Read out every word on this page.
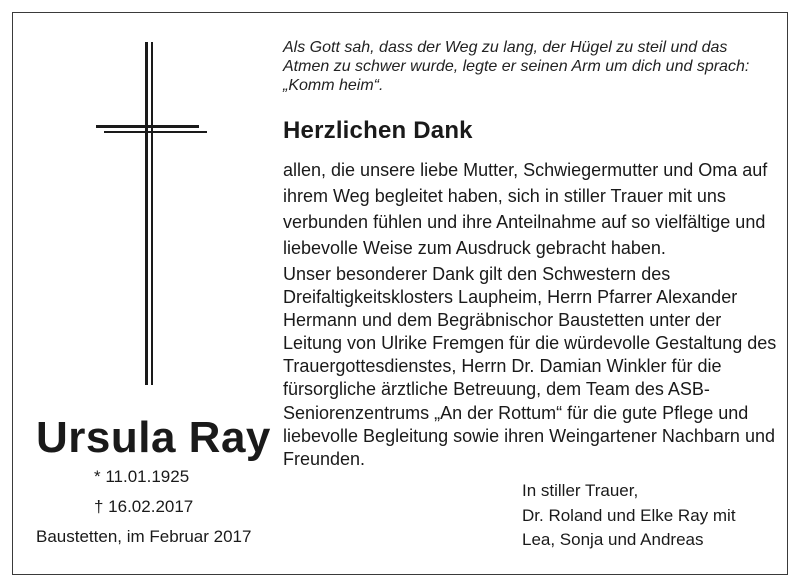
Als Gott sah, dass der Weg zu lang, der Hügel zu steil und das Atmen zu schwer wurde, legte er seinen Arm um dich und sprach: „Komm heim“.
Herzlichen Dank
allen, die unsere liebe Mutter, Schwiegermutter und Oma auf ihrem Weg begleitet haben, sich in stiller Trauer mit uns verbunden fühlen und ihre Anteilnahme auf so vielfältige und liebevolle Weise zum Ausdruck gebracht haben.
Unser besonderer Dank gilt den Schwestern des Dreifaltigkeitsklosters Laupheim, Herrn Pfarrer Alexander Hermann und dem Begräbnischor Baustetten unter der Leitung von Ulrike Fremgen für die würdevolle Gestaltung des Trauergottesdienstes, Herrn Dr. Damian Winkler für die fürsorgliche ärztliche Betreuung, dem Team des ASB-Seniorenzentrums „An der Rottum“ für die gute Pflege und liebevolle Begleitung sowie ihren Weingartener Nachbarn und Freunden.
Ursula Ray
* 11.01.1925
† 16.02.2017
Baustetten, im Februar 2017
In stiller Trauer,
Dr. Roland und Elke Ray mit
Lea, Sonja und Andreas
